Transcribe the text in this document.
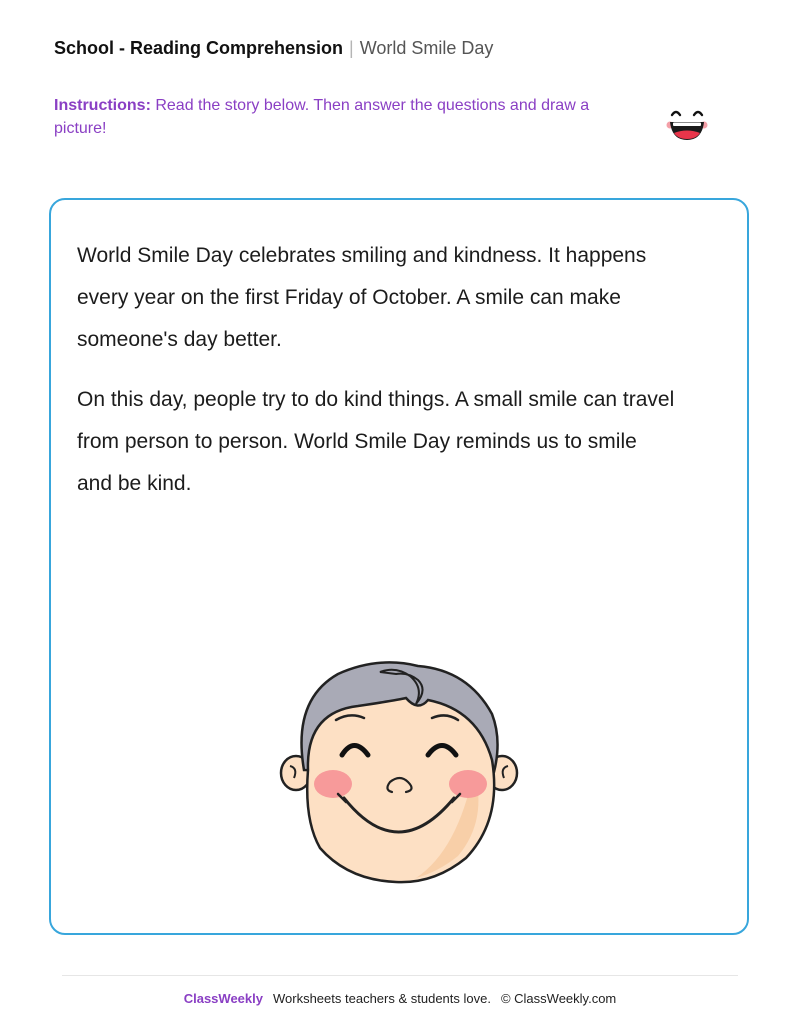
School - Reading Comprehension | World Smile Day
Instructions: Read the story below. Then answer the questions and draw a picture!

World Smile Day celebrates smiling and kindness. It happens every year on the first Friday of October. A smile can make someone's day better.

On this day, people try to do kind things. A small smile can travel from person to person. World Smile Day reminds us to smile and be kind.

ClassWeekly Worksheets teachers & students love. © ClassWeekly.com
